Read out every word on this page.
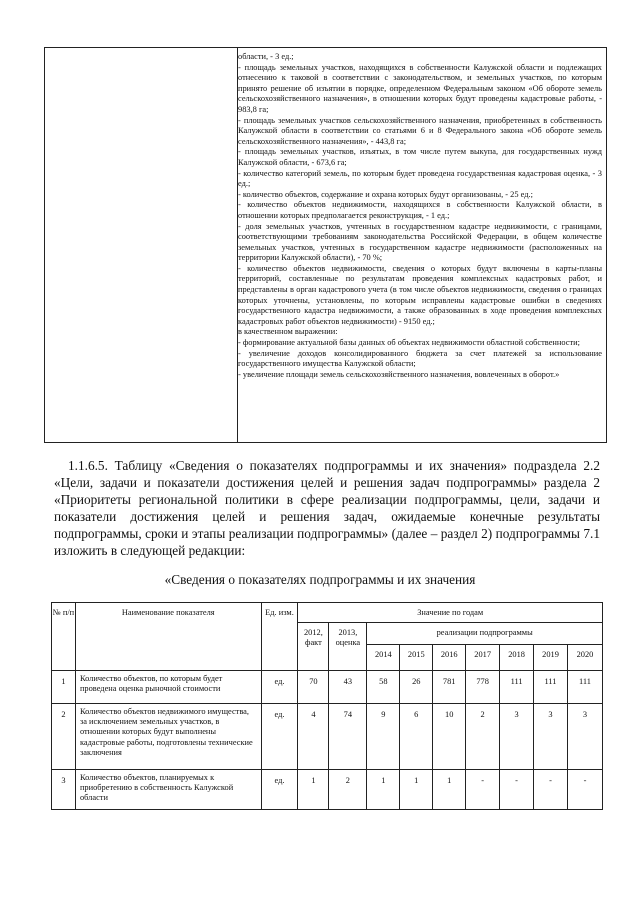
области, - 3 ед.;

- площадь земельных участков, находящихся в собственности Калужской области и подлежащих отнесению к таковой в соответствии с законодательством, и земельных участков, по которым принято решение об изъятии в порядке, определенном Федеральным законом «Об обороте земель сельскохозяйственного назначения», в отношении которых будут проведены кадастровые работы, - 983,8 га;

- площадь земельных участков сельскохозяйственного назначения, приобретенных в собственность Калужской области в соответствии со статьями 6 и 8 Федерального закона «Об обороте земель сельскохозяйственного назначения», - 443,8 га;

- площадь земельных участков, изъятых, в том числе путем выкупа, для государственных нужд Калужской области, - 673,6 га;

- количество категорий земель, по которым будет проведена государственная кадастровая оценка, - 3 ед.;

- количество объектов, содержание и охрана которых будут организованы, - 25 ед.;

- количество объектов недвижимости, находящихся в собственности Калужской области, в отношении которых предполагается реконструкция, - 1 ед.;

- доля земельных участков, учтенных в государственном кадастре недвижимости, с границами, соответствующими требованиям законодательства Российской Федерации, в общем количестве земельных участков, учтенных в государственном кадастре недвижимости (расположенных на территории Калужской области), - 70 %;

- количество объектов недвижимости, сведения о которых будут включены в карты-планы территорий, составленные по результатам проведения комплексных кадастровых работ, и представлены в орган кадастрового учета (в том числе объектов недвижимости, сведения о границах которых уточнены, установлены, по которым исправлены кадастровые ошибки в сведениях государственного кадастра недвижимости, а также образованных в ходе проведения комплексных кадастровых работ объектов недвижимости) - 9150 ед.;

в качественном выражении:

- формирование актуальной базы данных об объектах недвижимости областной собственности;

- увеличение доходов консолидированного бюджета за счет платежей за использование государственного имущества Калужской области;

- увеличение площади земель сельскохозяйственного назначения, вовлеченных в оборот.»

1.1.6.5. Таблицу «Сведения о показателях подпрограммы и их значения» подраздела 2.2 «Цели, задачи и показатели достижения целей и решения задач подпрограммы» раздела 2 «Приоритеты региональной политики в сфере реализации подпрограммы, цели, задачи и показатели достижения целей и решения задач, ожидаемые конечные результаты подпрограммы, сроки и этапы реализации подпрограммы» (далее – раздел 2) подпрограммы 7.1 изложить в следующей редакции:
«Сведения о показателях подпрограммы и их значения
№ п/п	Наименование показателя	Ед. изм.	Значение по годам								
			2012, факт	2013, оценка	реализации подпрограммы						
					2014	2015	2016	2017	2018	2019	2020
1	Количество объектов, по которым будет проведена оценка рыночной стоимости	ед.	70	43	58	26	781	778	111	111	111
2	Количество объектов недвижимого имущества, за исключением земельных участков, в отношении которых будут выполнены кадастровые работы, подготовлены технические заключения	ед.	4	74	9	6	10	2	3	3	3
3	Количество объектов, планируемых к приобретению в собственность Калужской области	ед.	1	2	1	1	1	-	-	-	-
